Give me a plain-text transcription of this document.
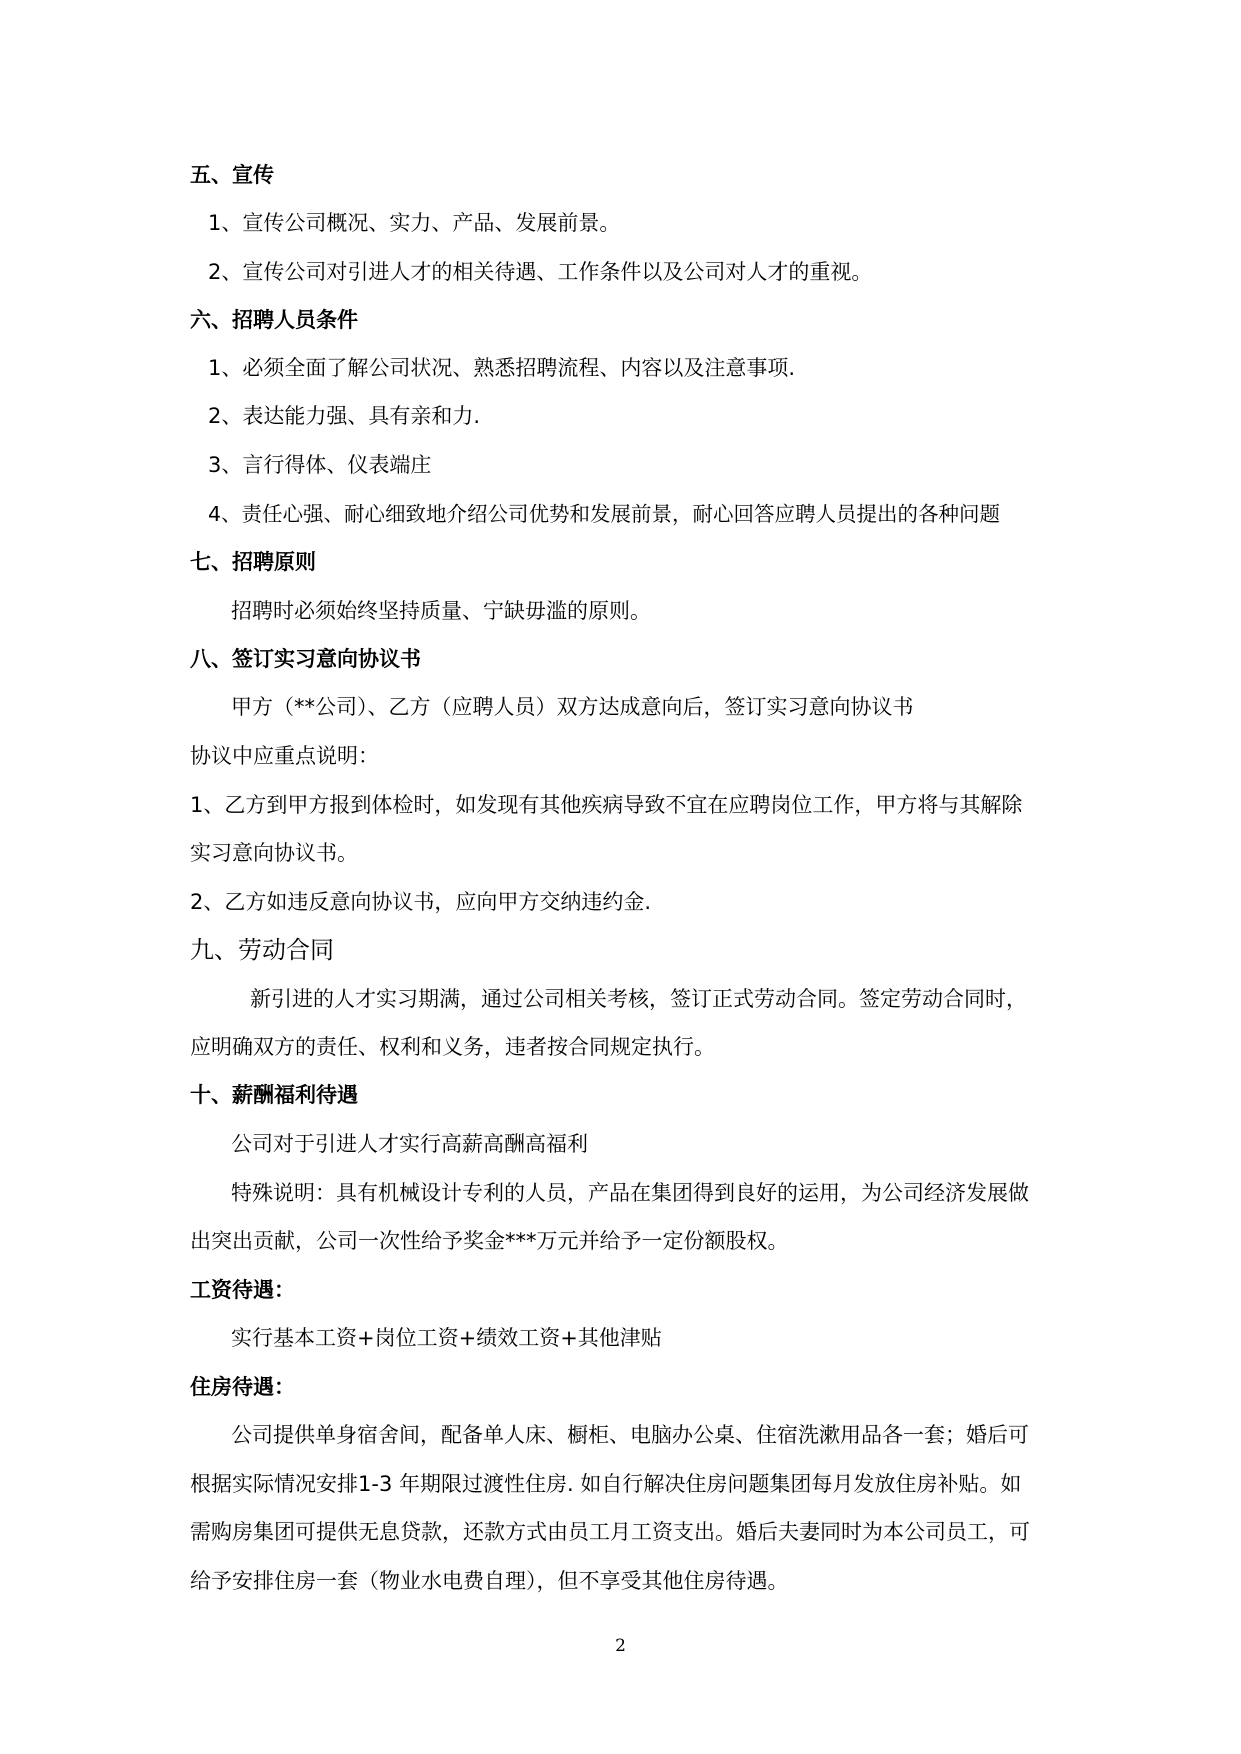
五、宣传
1、宣传公司概况、实力、产品、发展前景。
2、宣传公司对引进人才的相关待遇、工作条件以及公司对人才的重视。
六、招聘人员条件
1、必须全面了解公司状况、熟悉招聘流程、内容以及注意事项.
2、表达能力强、具有亲和力.
3、言行得体、仪表端庄
4、责任心强、耐心细致地介绍公司优势和发展前景，耐心回答应聘人员提出的各种问题
七、招聘原则
招聘时必须始终坚持质量、宁缺毋滥的原则。
八、签订实习意向协议书
甲方（**公司）、乙方（应聘人员）双方达成意向后，签订实习意向协议书
协议中应重点说明：
1、乙方到甲方报到体检时，如发现有其他疾病导致不宜在应聘岗位工作，甲方将与其解除
实习意向协议书。
2、乙方如违反意向协议书，应向甲方交纳违约金.
九、劳动合同
新引进的人才实习期满，通过公司相关考核，签订正式劳动合同。签定劳动合同时，
应明确双方的责任、权利和义务，违者按合同规定执行。
十、薪酬福利待遇
公司对于引进人才实行高薪高酬高福利
特殊说明：具有机械设计专利的人员，产品在集团得到良好的运用，为公司经济发展做
出突出贡献，公司一次性给予奖金***万元并给予一定份额股权。
工资待遇：
实行基本工资+岗位工资+绩效工资+其他津贴
住房待遇：
公司提供单身宿舍间，配备单人床、橱柜、电脑办公桌、住宿洗漱用品各一套；婚后可
根据实际情况安排1-3 年期限过渡性住房. 如自行解决住房问题集团每月发放住房补贴。如
需购房集团可提供无息贷款，还款方式由员工月工资支出。婚后夫妻同时为本公司员工，可
给予安排住房一套（物业水电费自理），但不享受其他住房待遇。
2
